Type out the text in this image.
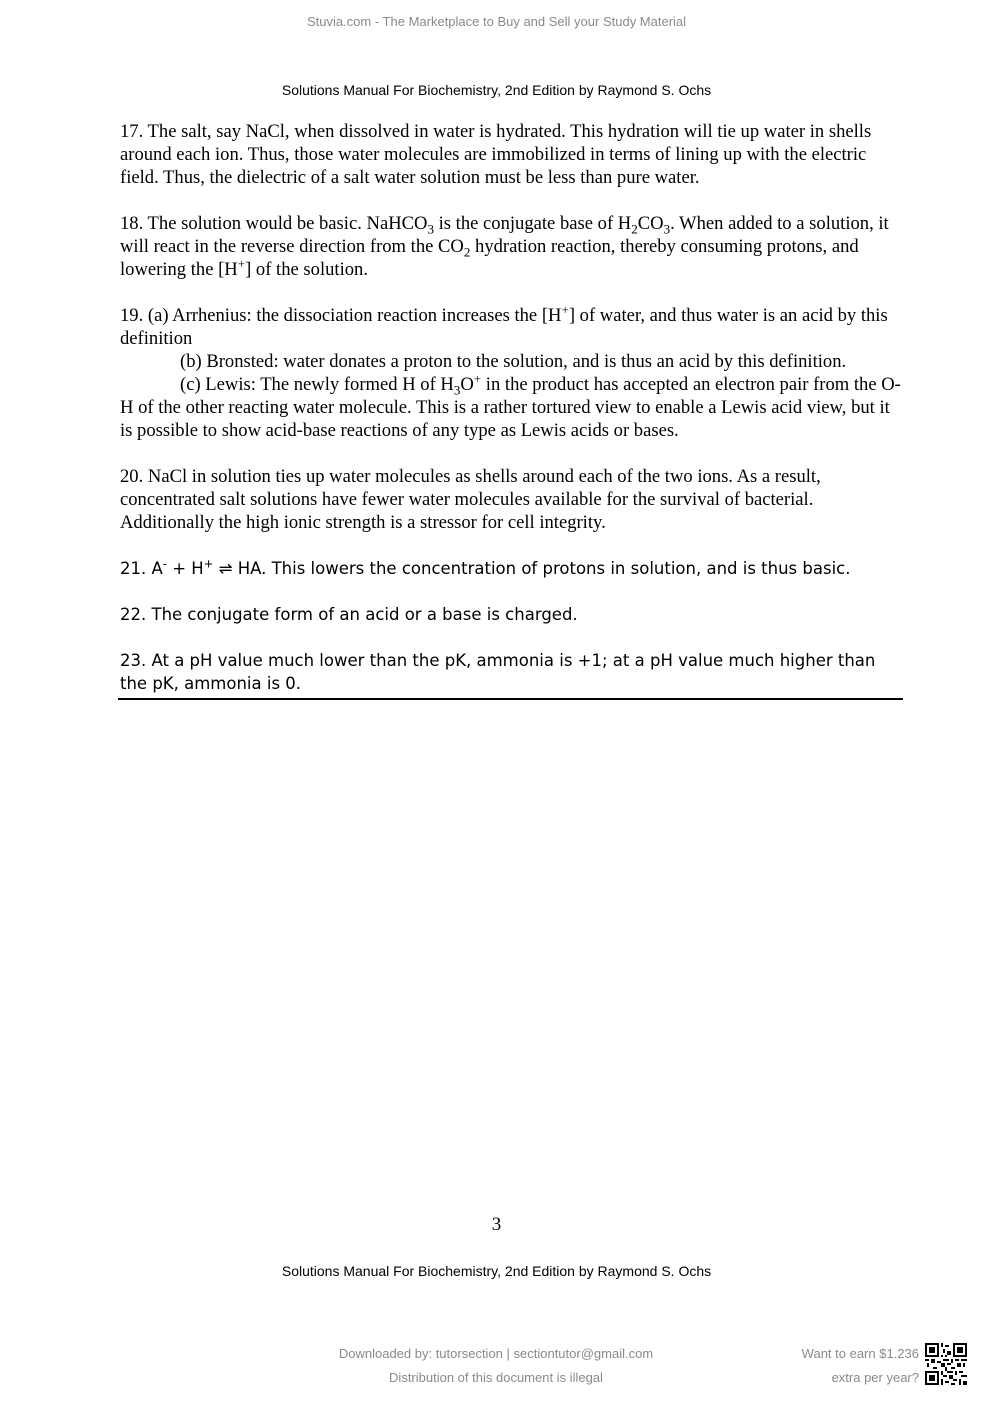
Stuvia.com - The Marketplace to Buy and Sell your Study Material
Solutions Manual For Biochemistry, 2nd Edition by Raymond S. Ochs

17. The salt, say NaCl, when dissolved in water is hydrated. This hydration will tie up water in shells around each ion. Thus, those water molecules are immobilized in terms of lining up with the electric field. Thus, the dielectric of a salt water solution must be less than pure water.

18. The solution would be basic. NaHCO$_3$ is the conjugate base of $H_2CO_3$. When added to a solution, it will react in the reverse direction from the $CO_2$ hydration reaction, thereby consuming protons, and lowering the [H+] of the solution.

19. (a) Arrhenius: the dissociation reaction increases the [H+] of water, and thus water is an acid by this definition
(b) Bronsted: water donates a proton to the solution, and is thus an acid by this definition.
(c) Lewis: The newly formed H of $H_3O^+$ in the product has accepted an electron pair from the O-H of the other reacting water molecule. This is a rather tortured view to enable a Lewis acid view, but it is possible to show acid-base reactions of any type as Lewis acids or bases.

20. NaCl in solution ties up water molecules as shells around each of the two ions. As a result, concentrated salt solutions have fewer water molecules available for the survival of bacterial. Additionally the high ionic strength is a stressor for cell integrity.

21. A- + H+ ⇌ HA. This lowers the concentration of protons in solution, and is thus basic.

22. The conjugate form of an acid or a base is charged.

23. At a pH value much lower than the pK, ammonia is +1; at a pH value much higher than the pK, ammonia is 0.

3
Solutions Manual For Biochemistry, 2nd Edition by Raymond S. Ochs
Downloaded by: tutorsection | sectiontutor@gmail.com
Distribution of this document is illegal
Want to earn $1.236
extra per year?
